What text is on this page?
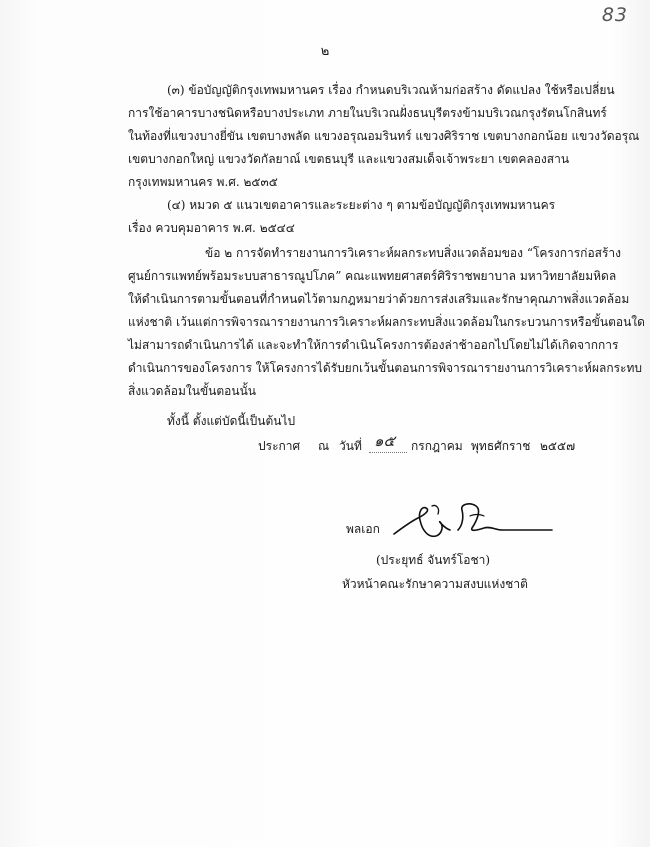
83
๒
(๓) ข้อบัญญัติกรุงเทพมหานคร เรื่อง กำหนดบริเวณห้ามก่อสร้าง ดัดแปลง ใช้หรือเปลี่ยน
การใช้อาคารบางชนิดหรือบางประเภท ภายในบริเวณฝั่งธนบุรีตรงข้ามบริเวณกรุงรัตนโกสินทร์
ในท้องที่แขวงบางยี่ขัน เขตบางพลัด แขวงอรุณอมรินทร์ แขวงศิริราช เขตบางกอกน้อย แขวงวัดอรุณ
เขตบางกอกใหญ่ แขวงวัดกัลยาณ์ เขตธนบุรี และแขวงสมเด็จเจ้าพระยา เขตคลองสาน
กรุงเทพมหานคร พ.ศ. ๒๕๓๕
(๔) หมวด ๕ แนวเขตอาคารและระยะต่าง ๆ ตามข้อบัญญัติกรุงเทพมหานคร
เรื่อง ควบคุมอาคาร พ.ศ. ๒๕๔๔
ข้อ ๒ การจัดทำรายงานการวิเคราะห์ผลกระทบสิ่งแวดล้อมของ “โครงการก่อสร้าง
ศูนย์การแพทย์พร้อมระบบสาธารณูปโภค” คณะแพทยศาสตร์ศิริราชพยาบาล มหาวิทยาลัยมหิดล
ให้ดำเนินการตามขั้นตอนที่กำหนดไว้ตามกฎหมายว่าด้วยการส่งเสริมและรักษาคุณภาพสิ่งแวดล้อม
แห่งชาติ เว้นแต่การพิจารณารายงานการวิเคราะห์ผลกระทบสิ่งแวดล้อมในกระบวนการหรือขั้นตอนใด
ไม่สามารถดำเนินการได้ และจะทำให้การดำเนินโครงการต้องล่าช้าออกไปโดยไม่ได้เกิดจากการ
ดำเนินการของโครงการ ให้โครงการได้รับยกเว้นขั้นตอนการพิจารณารายงานการวิเคราะห์ผลกระทบ
สิ่งแวดล้อมในขั้นตอนนั้น
ทั้งนี้ ตั้งแต่บัดนี้เป็นต้นไป
ประกาศ ณ วันที่ ๑๕ กรกฎาคม พุทธศักราช ๒๕๕๗
พลเอก
(ประยุทธ์ จันทร์โอชา)
หัวหน้าคณะรักษาความสงบแห่งชาติ
